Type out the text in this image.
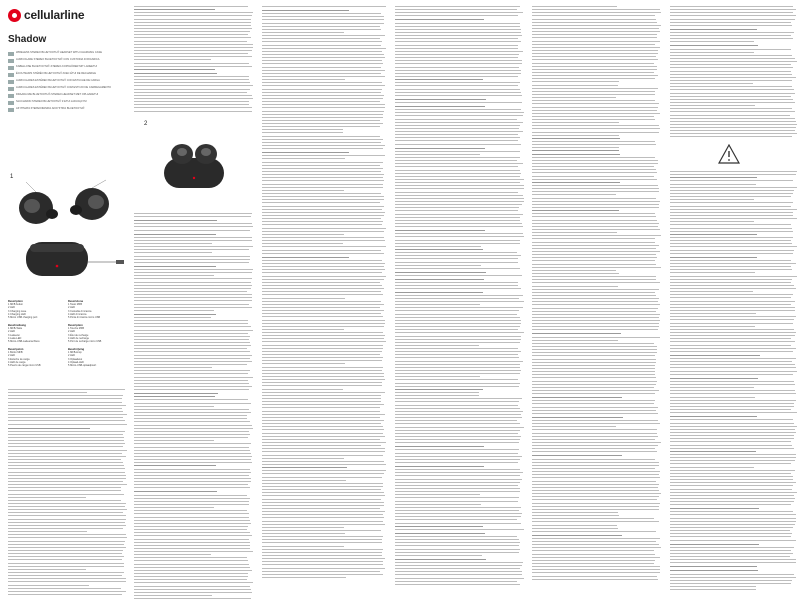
cellularline
Shadow
WIRELESS STEREO BLUETOOTH® HEADSET WITH CHARGING CASE
AURICOLARE STEREO BLUETOOTH® CON CUSTODIA DI RICARICA
KABELLOSE BLUETOOTH®-STEREO-KOPFHÖRER MIT LADEETUI
ÉCOUTEURS STÉRÉO BLUETOOTH® AVEC ÉTUI DE RECHARGE
AURICULARES ESTÉREO BLUETOOTH® CON ESTUCHE DE CARGA
AURICULARES ESTÉREO BLUETOOTH® COM ESTOJO DE CARREGAMENTO
DRAADLOZE BLUETOOTH®-STEREO-HEADSET MET OPLAADETUI
SŁUCHAWKI STEREO BLUETOOTH® Z ETUI ŁADUJĄCYM
ΑΣΎΡΜΑΤΑ ΣΤΕΡΕΟΦΩΝΙΚΆ ΑΚΟΥΣΤΙΚΆ BLUETOOTH®
1
Description
1 MFB button
2 LED
3 Charging case
4 Charging LED
5 Micro USB charging port
Descrizione
1 Tasto MFB
2 LED
3 Custodia di ricarica
4 LED di ricarica
5 Porta di ricarica micro USB
Beschreibung
1 MFB-Taste
2 LED
3 Ladeetui
4 Lade-LED
5 Micro-USB-Ladeanschluss
Description
1 Touche MFB
2 LED
3 Étui de recharge
4 LED de recharge
5 Port de recharge micro USB
Descripción
1 Botón MFB
2 LED
3 Estuche de carga
4 LED de carga
5 Puerto de carga micro USB
Beschrijving
1 MFB-knop
2 LED
3 Oplaadetui
4 Oplaad-LED
5 Micro-USB-oplaadpoort
2
